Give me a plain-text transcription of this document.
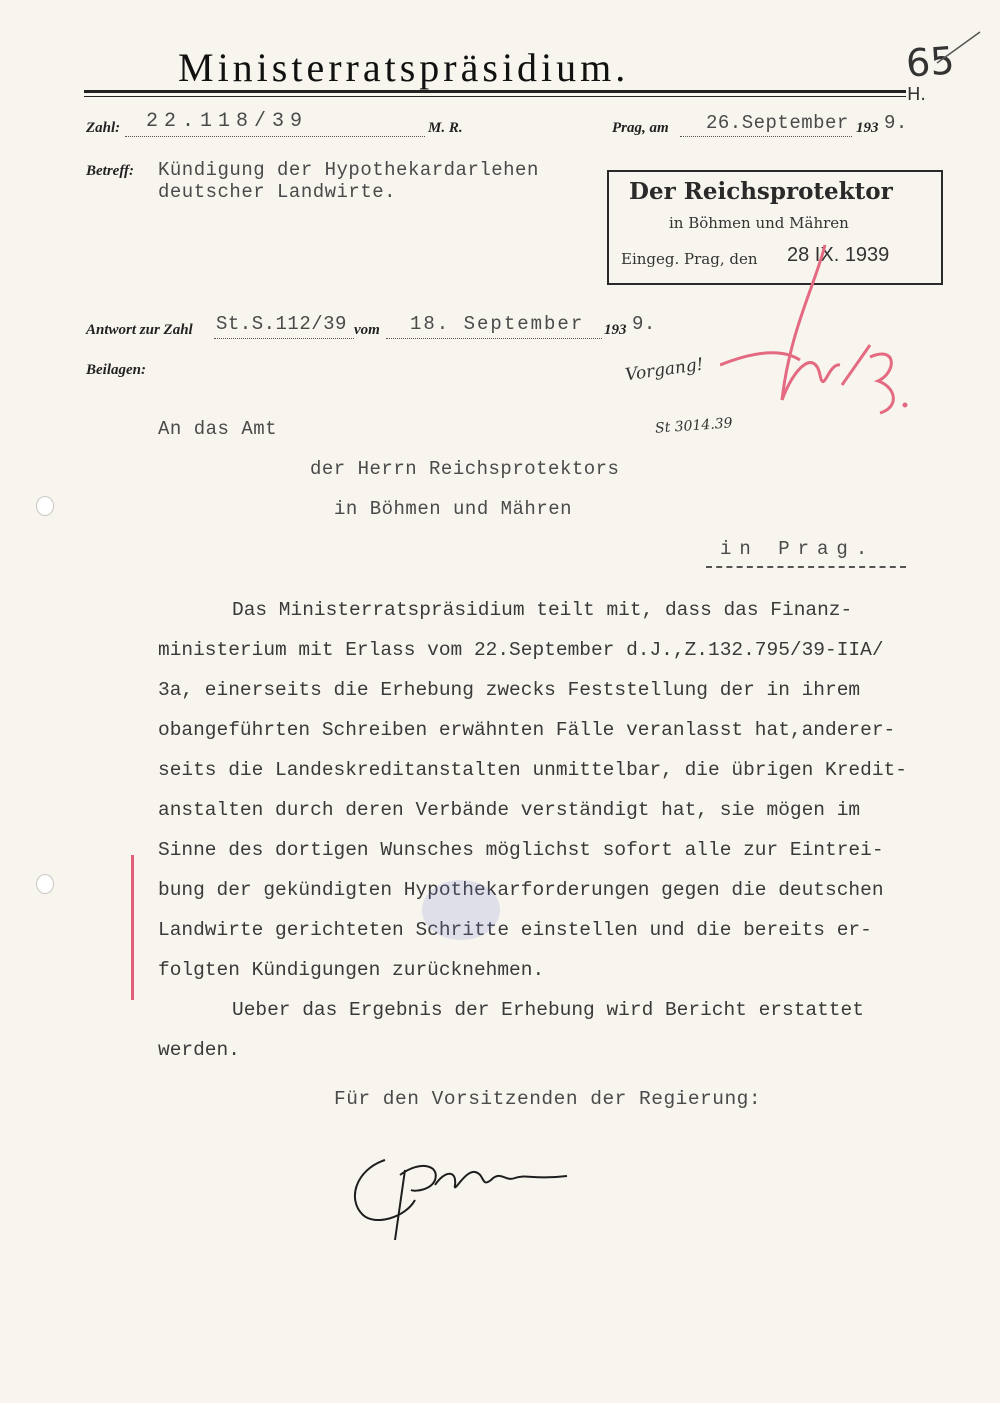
Ministerratspräsidium.	65
H.
Zahl: 22.118/39	M. R.	Prag, am 26.September 193 9.
Betreff: Kündigung der Hypothekardarlehen
deutscher Landwirte.	Der Reichsprotektor
in Böhmen und Mähren
Eingeg. Prag, den 28 IX. 1939
Antwort zur Zahl St.S.112/39 vom 18. September 193 9.
Beilagen:	Vorgang!
St 3014.39
An das Amt
der Herrn Reichsprotektors
in Böhmen und Mähren
in Prag.
Das Ministerratspräsidium teilt mit, dass das Finanz-
ministerium mit Erlass vom 22.September d.J.,Z.132.795/39-IIA/
3a, einerseits die Erhebung zwecks Feststellung der in ihrem
obangeführten Schreiben erwähnten Fälle veranlasst hat,anderer-
seits die Landeskreditanstalten unmittelbar, die übrigen Kredit-
anstalten durch deren Verbände verständigt hat, sie mögen im
Sinne des dortigen Wunsches möglichst sofort alle zur Eintrei-
bung der gekündigten Hypothekarforderungen gegen die deutschen
Landwirte gerichteten Schritte einstellen und die bereits er-
folgten Kündigungen zurücknehmen.
Ueber das Ergebnis der Erhebung wird Bericht erstattet
werden.
Für den Vorsitzenden der Regierung:
